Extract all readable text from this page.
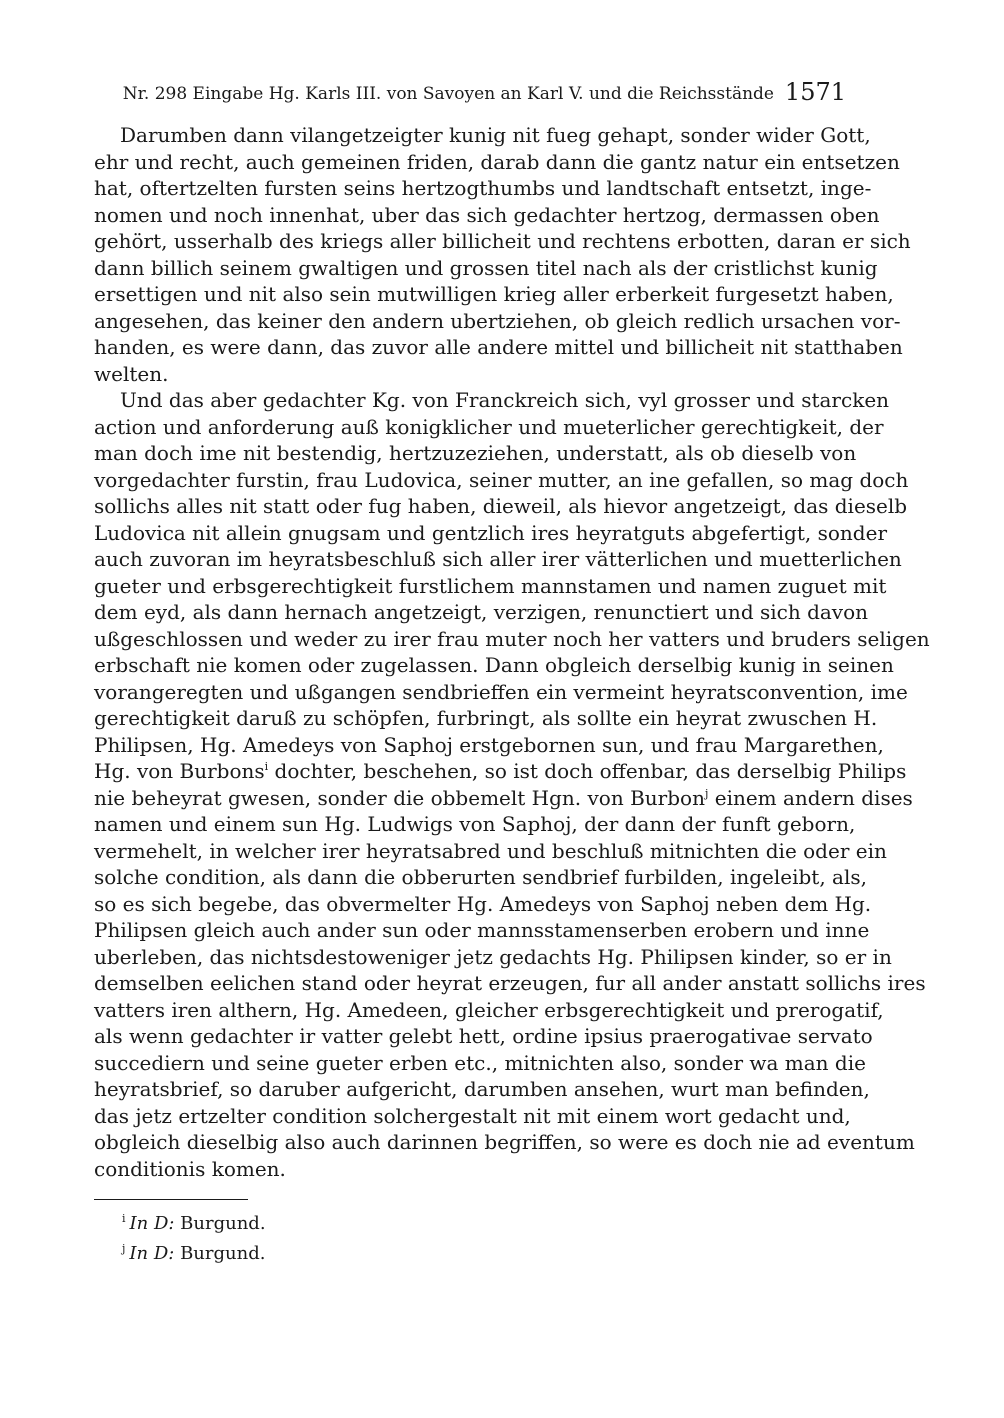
Nr. 298 Eingabe Hg. Karls III. von Savoyen an Karl V. und die Reichsstände 1571
Darumben dann vilangetzeigter kunig nit fueg gehapt, sonder wider Gott,
ehr und recht, auch gemeinen friden, darab dann die gantz natur ein entsetzen
hat, oftertzelten fursten seins hertzogthumbs und landtschaft entsetzt, inge-
nomen und noch innenhat, uber das sich gedachter hertzog, dermassen oben
gehört, usserhalb des kriegs aller billicheit und rechtens erbotten, daran er sich
dann billich seinem gwaltigen und grossen titel nach als der cristlichst kunig
ersettigen und nit also sein mutwilligen krieg aller erberkeit furgesetzt haben,
angesehen, das keiner den andern ubertziehen, ob gleich redlich ursachen vor-
handen, es were dann, das zuvor alle andere mittel und billicheit nit statthaben
welten.
Und das aber gedachter Kg. von Franckreich sich, vyl grosser und starcken
action und anforderung auß konigklicher und mueterlicher gerechtigkeit, der
man doch ime nit bestendig, hertzuzeziehen, understatt, als ob dieselb von
vorgedachter furstin, frau Ludovica, seiner mutter, an ine gefallen, so mag doch
sollichs alles nit statt oder fug haben, dieweil, als hievor angetzeigt, das dieselb
Ludovica nit allein gnugsam und gentzlich ires heyratguts abgefertigt, sonder
auch zuvoran im heyratsbeschluß sich aller irer vätterlichen und muetterlichen
gueter und erbsgerechtigkeit furstlichem mannstamen und namen zuguet mit
dem eyd, als dann hernach angetzeigt, verzigen, renunctiert und sich davon
ußgeschlossen und weder zu irer frau muter noch her vatters und bruders seligen
erbschaft nie komen oder zugelassen. Dann obgleich derselbig kunig in seinen
vorangeregten und ußgangen sendbrieffen ein vermeint heyratsconvention, ime
gerechtigkeit daruß zu schöpfen, furbringt, als sollte ein heyrat zwuschen H.
Philipsen, Hg. Amedeys von Saphoj erstgebornen sun, und frau Margarethen,
Hg. von Burbons$^i$ dochter, beschehen, so ist doch offenbar, das derselbig Philips
nie beheyrat gwesen, sonder die obbemelt Hgn. von Burbon$^j$ einem andern dises
namen und einem sun Hg. Ludwigs von Saphoj, der dann der funft geborn,
vermehelt, in welcher irer heyratsabred und beschluß mitnichten die oder ein
solche condition, als dann die obberurten sendbrief furbilden, ingeleibt, als,
so es sich begebe, das obvermelter Hg. Amedeys von Saphoj neben dem Hg.
Philipsen gleich auch ander sun oder mannsstamenserben erobern und inne
uberleben, das nichtsdestoweniger jetz gedachts Hg. Philipsen kinder, so er in
demselben eelichen stand oder heyrat erzeugen, fur all ander anstatt sollichs ires
vatters iren althern, Hg. Amedeen, gleicher erbsgerechtigkeit und prerogatif,
als wenn gedachter ir vatter gelebt hett, ordine ipsius praerogativae servato
succediern und seine gueter erben etc., mitnichten also, sonder wa man die
heyratsbrief, so daruber aufgericht, darumben ansehen, wurt man befinden,
das jetz ertzelter condition solchergestalt nit mit einem wort gedacht und,
obgleich dieselbig also auch darinnen begriffen, so were es doch nie ad eventum
conditionis komen.
$^i$ In D: Burgund.
$^j$ In D: Burgund.
